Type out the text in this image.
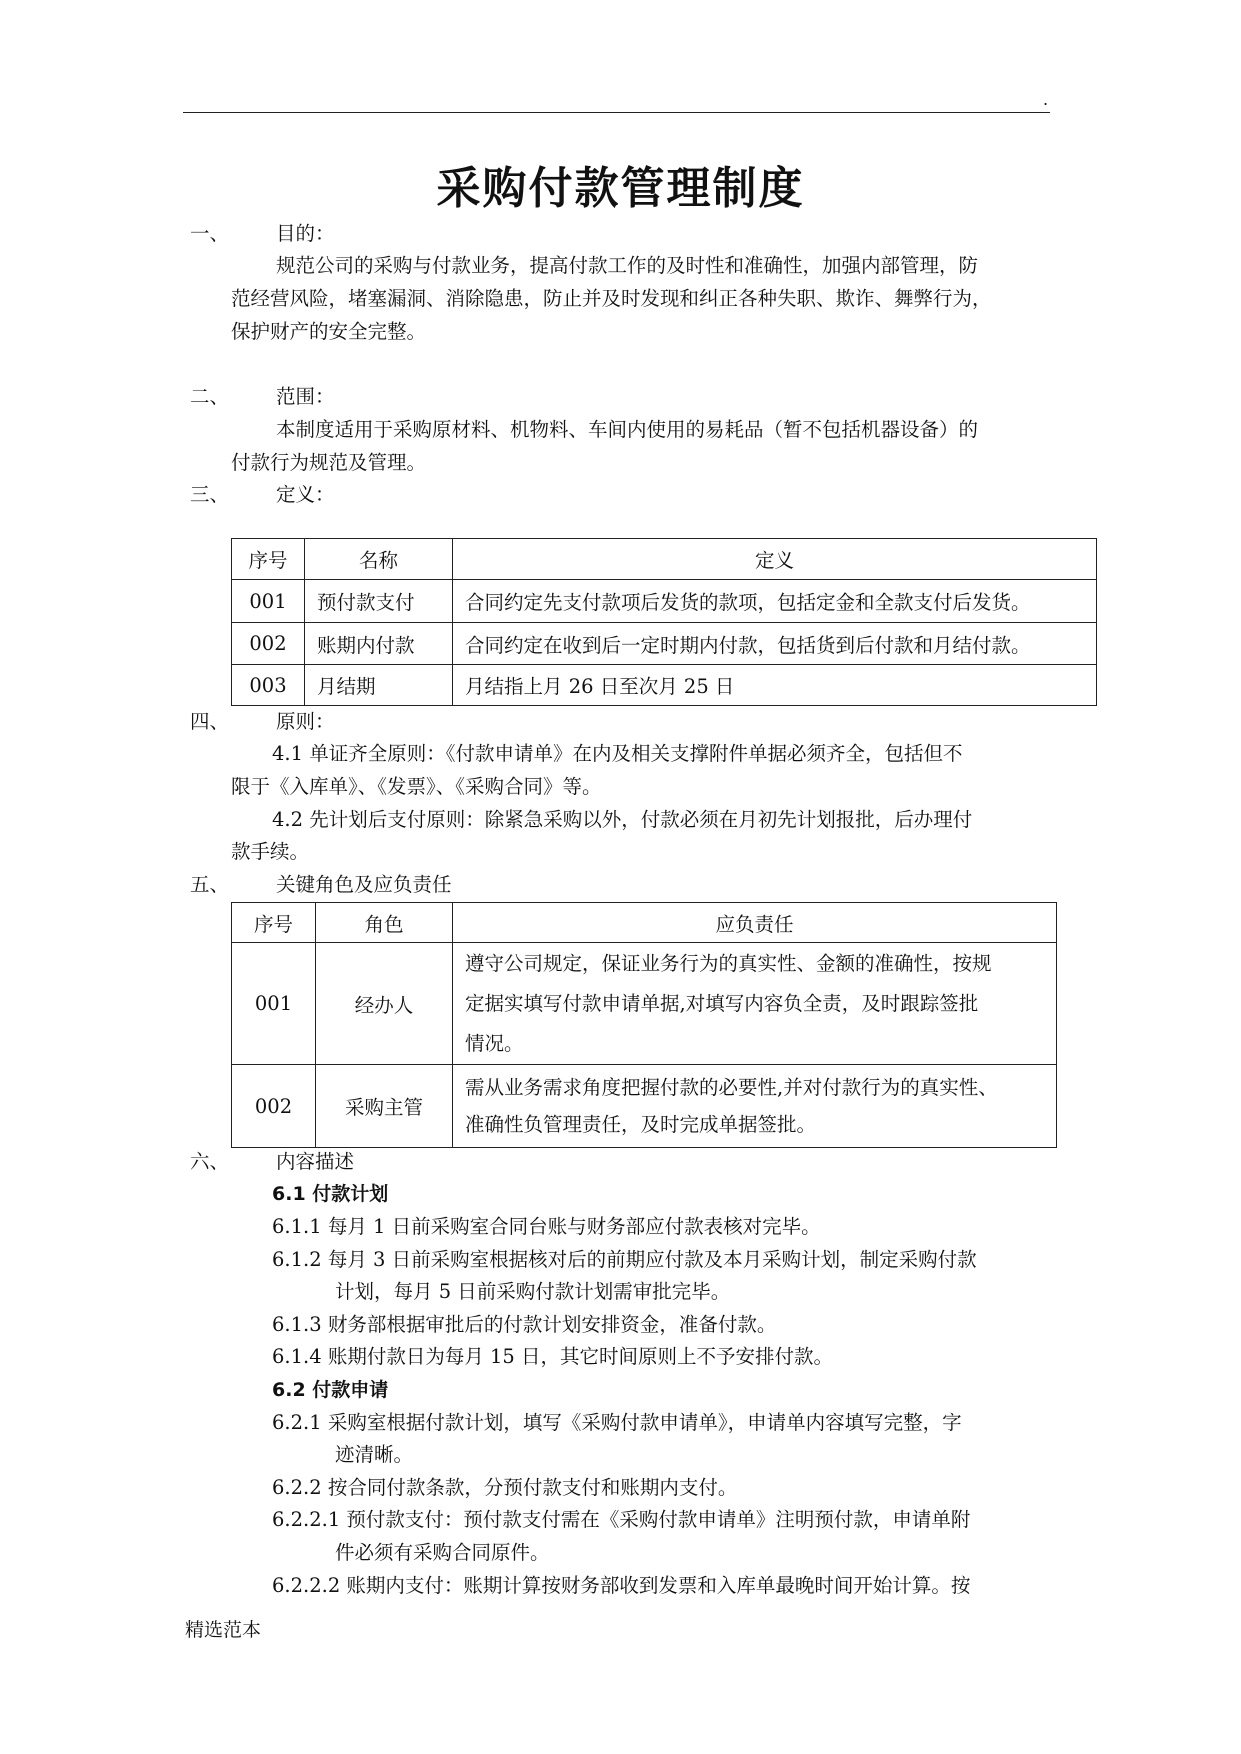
.
采购付款管理制度
一、 目的：
规范公司的采购与付款业务，提高付款工作的及时性和准确性，加强内部管理，防
范经营风险，堵塞漏洞、消除隐患，防止并及时发现和纠正各种失职、欺诈、舞弊行为，
保护财产的安全完整。
二、 范围：
本制度适用于采购原材料、机物料、车间内使用的易耗品（暂不包括机器设备）的
付款行为规范及管理。
三、 定义：
序号	名称	定义
001	预付款支付	合同约定先支付款项后发货的款项，包括定金和全款支付后发货。
002	账期内付款	合同约定在收到后一定时期内付款，包括货到后付款和月结付款。
003	月结期	月结指上月 26 日至次月 25 日
四、 原则：
4.1 单证齐全原则：《付款申请单》在内及相关支撑附件单据必须齐全，包括但不
限于《入库单》、《发票》、《采购合同》等。
4.2 先计划后支付原则：除紧急采购以外，付款必须在月初先计划报批，后办理付
款手续。
五、 关键角色及应负责任
序号	角色	应负责任
001	经办人	遵守公司规定，保证业务行为的真实性、金额的准确性，按规
定据实填写付款申请单据,对填写内容负全责，及时跟踪签批
情况。

002	采购主管	需从业务需求角度把握付款的必要性,并对付款行为的真实性、
准确性负管理责任，及时完成单据签批。
六、 内容描述
6.1 付款计划
6.1.1 每月 1 日前采购室合同台账与财务部应付款表核对完毕。
6.1.2 每月 3 日前采购室根据核对后的前期应付款及本月采购计划，制定采购付款
计划，每月 5 日前采购付款计划需审批完毕。
6.1.3 财务部根据审批后的付款计划安排资金，准备付款。
6.1.4 账期付款日为每月 15 日，其它时间原则上不予安排付款。
6.2 付款申请
6.2.1 采购室根据付款计划，填写《采购付款申请单》，申请单内容填写完整，字
迹清晰。
6.2.2 按合同付款条款，分预付款支付和账期内支付。
6.2.2.1 预付款支付：预付款支付需在《采购付款申请单》注明预付款，申请单附
件必须有采购合同原件。
6.2.2.2 账期内支付：账期计算按财务部收到发票和入库单最晚时间开始计算。按
精选范本
